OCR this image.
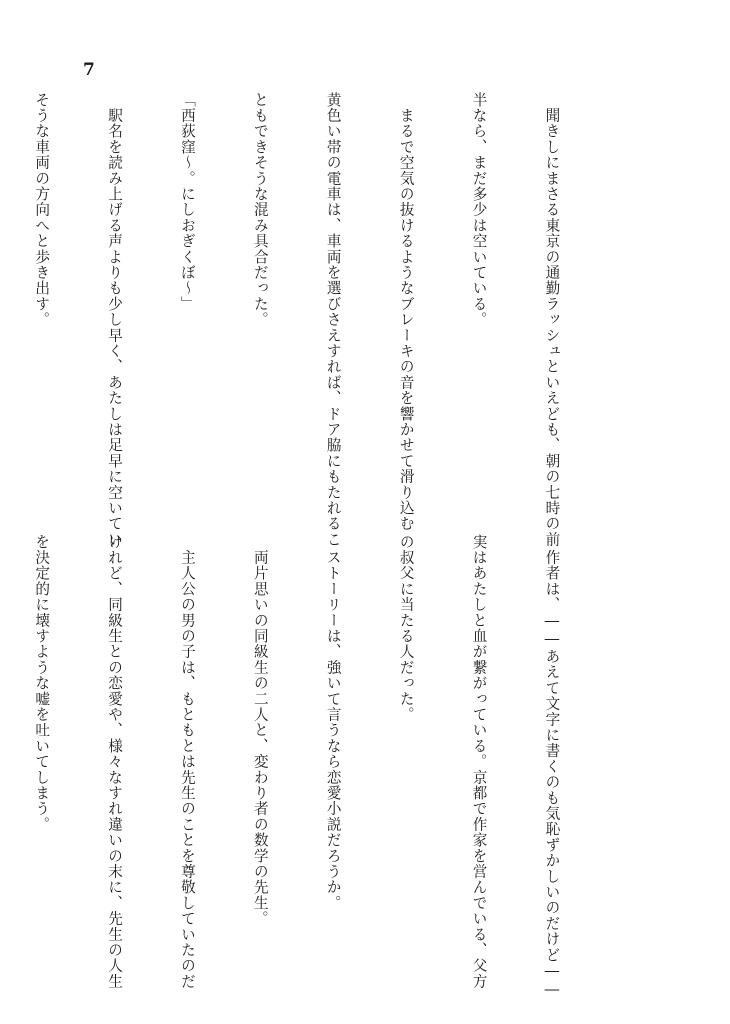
7

　聞きしにまさる東京の通勤ラッシュといえども、朝の七時の前

半なら、まだ多少は空いている。

　まるで空気の抜けるようなブレーキの音を響かせて滑り込む

黄色い帯の電車は、車両を選びさえすれば、ドア脇にもたれるこ

ともできそうな混み具合だった。

「西荻窪〜。にしおぎくぼ〜」

　駅名を読み上げる声よりも少し早く、あたしは足早に空いてい

そうな車両の方向へと歩き出す。

　作者は、――あえて文字に書くのも気恥ずかしいのだけど――

実はあたしと血が繋がっている。京都で作家を営んでいる、父方

の叔父に当たる人だった。

　ストーリーは、強いて言うなら恋愛小説だろうか。

　両片思いの同級生の二人と、変わり者の数学の先生。

　主人公の男の子は、もともとは先生のことを尊敬していたのだ

けれど、同級生との恋愛や、様々なすれ違いの末に、先生の人生

を決定的に壊すような嘘を吐いてしまう。
